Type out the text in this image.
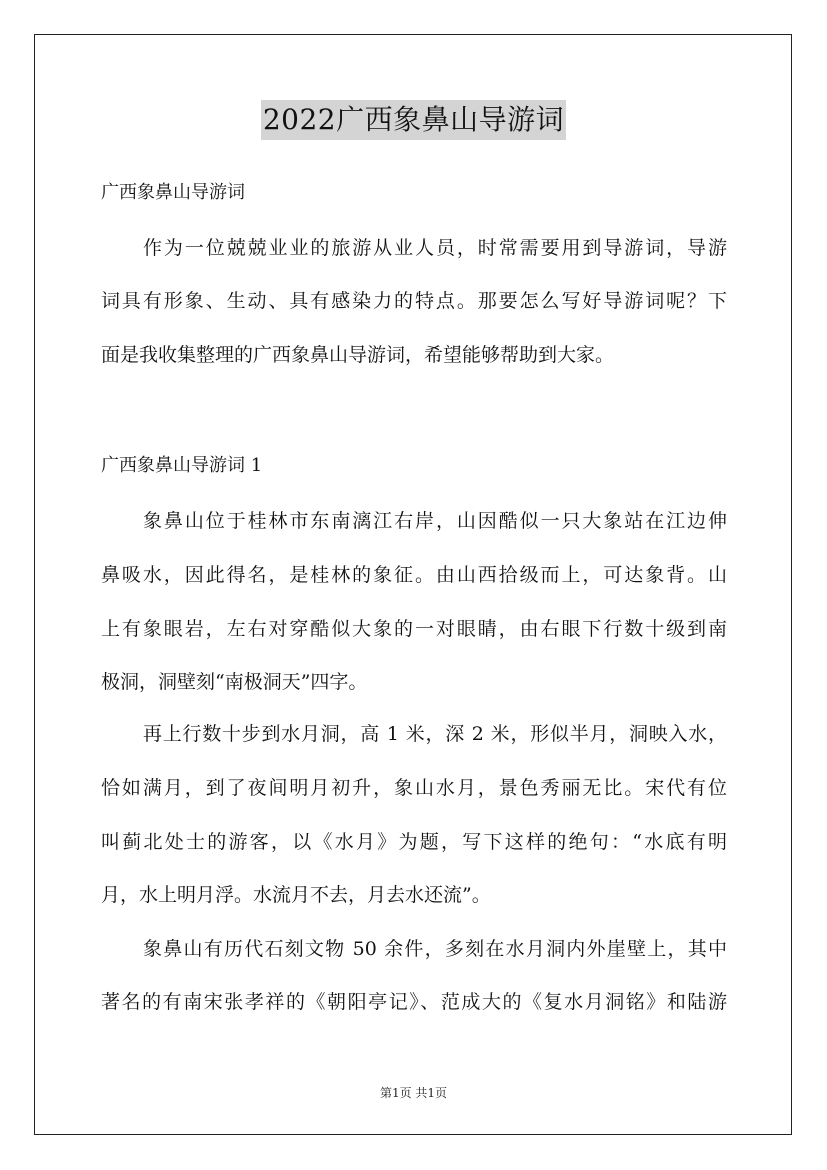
2022广西象鼻山导游词
广西象鼻山导游词
作为一位兢兢业业的旅游从业人员，时常需要用到导游词，导游
词具有形象、生动、具有感染力的特点。那要怎么写好导游词呢？下
面是我收集整理的广西象鼻山导游词，希望能够帮助到大家。
广西象鼻山导游词 1
象鼻山位于桂林市东南漓江右岸，山因酷似一只大象站在江边伸
鼻吸水，因此得名，是桂林的象征。由山西拾级而上，可达象背。山
上有象眼岩，左右对穿酷似大象的一对眼睛，由右眼下行数十级到南
极洞，洞壁刻“南极洞天”四字。
再上行数十步到水月洞，高 1 米，深 2 米，形似半月，洞映入水，
恰如满月，到了夜间明月初升，象山水月，景色秀丽无比。宋代有位
叫蓟北处士的游客，以《水月》为题，写下这样的绝句：“水底有明
月，水上明月浮。水流月不去，月去水还流”。
象鼻山有历代石刻文物 50 余件，多刻在水月洞内外崖壁上，其中
著名的有南宋张孝祥的《朝阳亭记》、范成大的《复水月洞铭》和陆游
第1页 共1页
